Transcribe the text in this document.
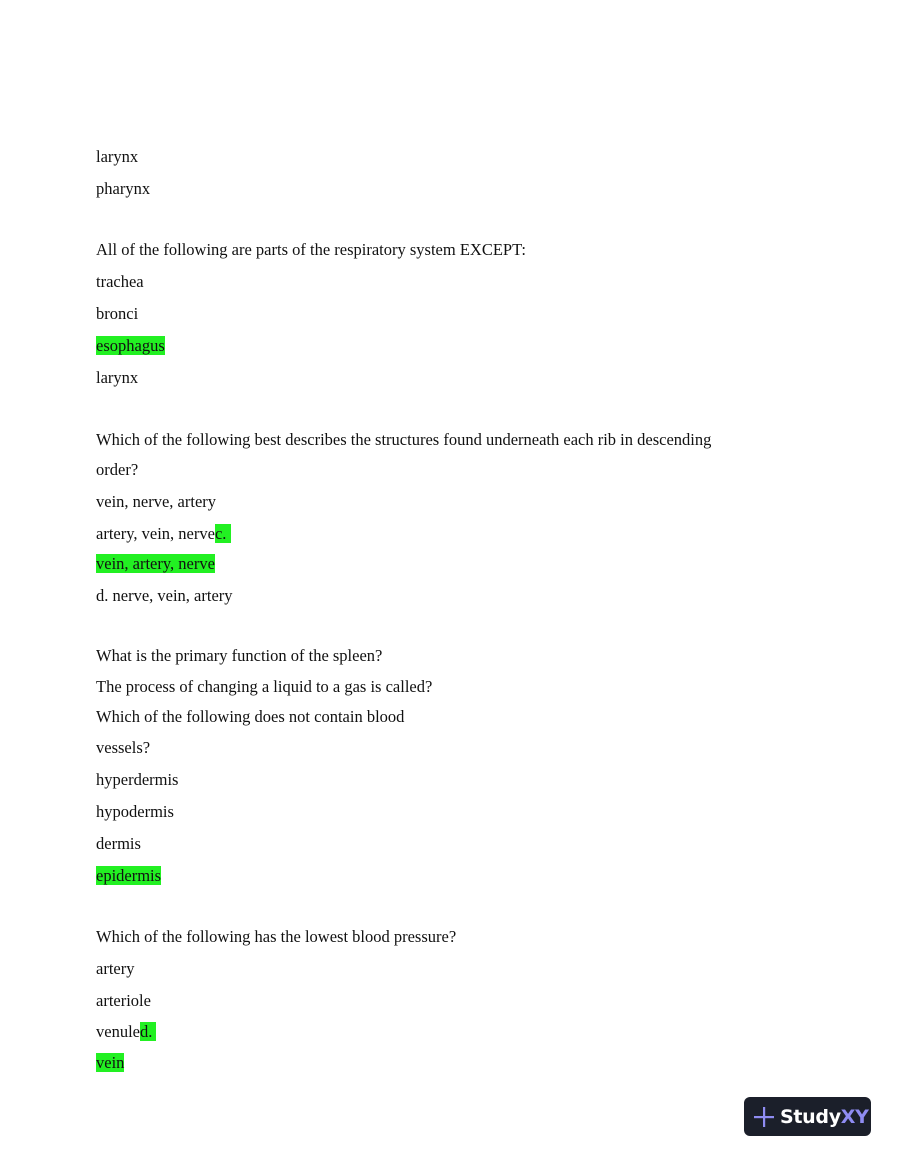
larynx
pharynx
All of the following are parts of the respiratory system EXCEPT:
trachea
bronci
esophagus
larynx
Which of the following best describes the structures found underneath each rib in descending
order?
vein, nerve, artery
artery, vein, nervec.
vein, artery, nerve
d. nerve, vein, artery
What is the primary function of the spleen?
The process of changing a liquid to a gas is called?
Which of the following does not contain blood
vessels?
hyperdermis
hypodermis
dermis
epidermis
Which of the following has the lowest blood pressure?
artery
arteriole
venuled.
vein
StudyXY
